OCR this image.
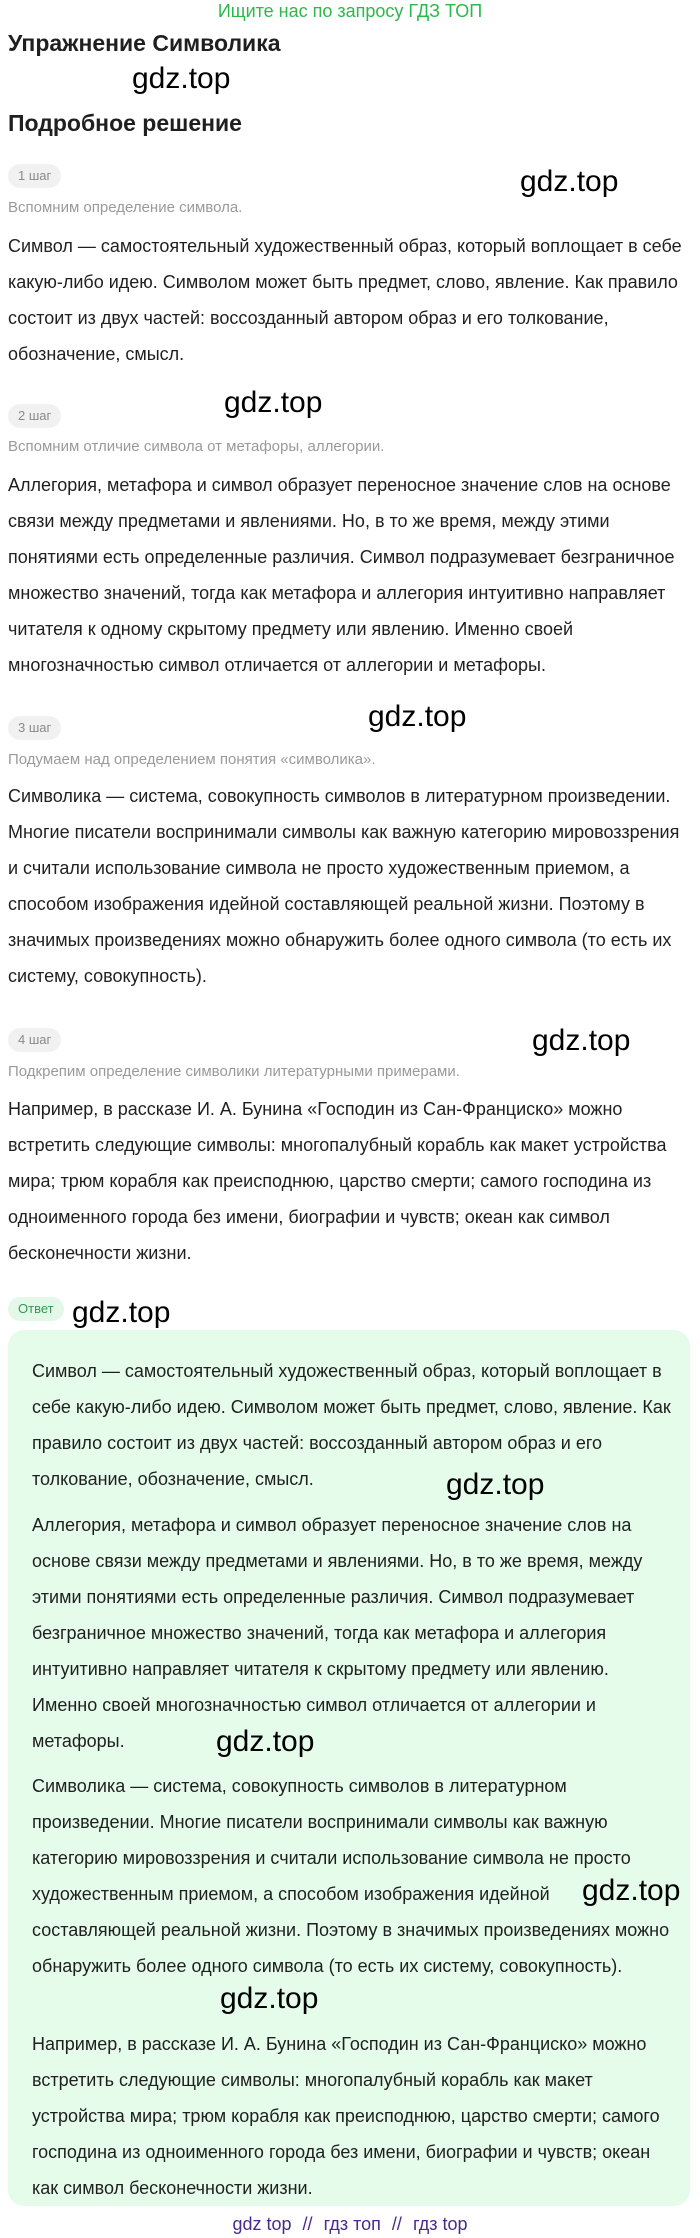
Ищите нас по запросу ГДЗ ТОП
Упражнение Символика
gdz.top
Подробное решение
1 шаг	gdz.top
Вспомним определение символа.

Символ — самостоятельный художественный образ, который воплощает в себе какую-либо идею. Символом может быть предмет, слово, явление. Как правило состоит из двух частей: воссозданный автором образ и его толкование, обозначение, смысл.

gdz.top
2 шаг
Вспомним отличие символа от метафоры, аллегории.

Аллегория, метафора и символ образует переносное значение слов на основе связи между предметами и явлениями. Но, в то же время, между этими понятиями есть определенные различия. Символ подразумевает безграничное множество значений, тогда как метафора и аллегория интуитивно направляет читателя к одному скрытому предмету или явлению. Именно своей многозначностью символ отличается от аллегории и метафоры.

gdz.top
3 шаг
Подумаем над определением понятия «символика».

Символика — система, совокупность символов в литературном произведении. Многие писатели воспринимали символы как важную категорию мировоззрения и считали использование символа не просто художественным приемом, а способом изображения идейной составляющей реальной жизни. Поэтому в значимых произведениях можно обнаружить более одного символа (то есть их систему, совокупность).

4 шаг	gdz.top
Подкрепим определение символики литературными примерами.

Например, в рассказе И. А. Бунина «Господин из Сан-Франциско» можно встретить следующие символы: многопалубный корабль как макет устройства мира; трюм корабля как преисподнюю, царство смерти; самого господина из одноименного города без имени, биографии и чувств; океан как символ бесконечности жизни.

Ответ gdz.top

Символ — самостоятельный художественный образ, который воплощает в себе какую-либо идею. Символом может быть предмет, слово, явление. Как правило состоит из двух частей: воссозданный автором образ и его толкование, обозначение, смысл.	gdz.top

Аллегория, метафора и символ образует переносное значение слов на основе связи между предметами и явлениями. Но, в то же время, между этими понятиями есть определенные различия. Символ подразумевает безграничное множество значений, тогда как метафора и аллегория интуитивно направляет читателя к скрытому предмету или явлению. Именно своей многозначностью символ отличается от аллегории и метафоры.	gdz.top

Символика — система, совокупность символов в литературном произведении. Многие писатели воспринимали символы как важную категорию мировоззрения и считали использование символа не просто художественным приемом, а способом изображения идейной составляющей реальной жизни. Поэтому в значимых произведениях можно обнаружить более одного символа (то есть их систему, совокупность).

gdz.top
gdz.top

Например, в рассказе И. А. Бунина «Господин из Сан-Франциско» можно встретить следующие символы: многопалубный корабль как макет устройства мира; трюм корабля как преисподнюю, царство смерти; самого господина из одноименного города без имени, биографии и чувств; океан как символ бесконечности жизни.

gdz top // гдз топ // гдз top
